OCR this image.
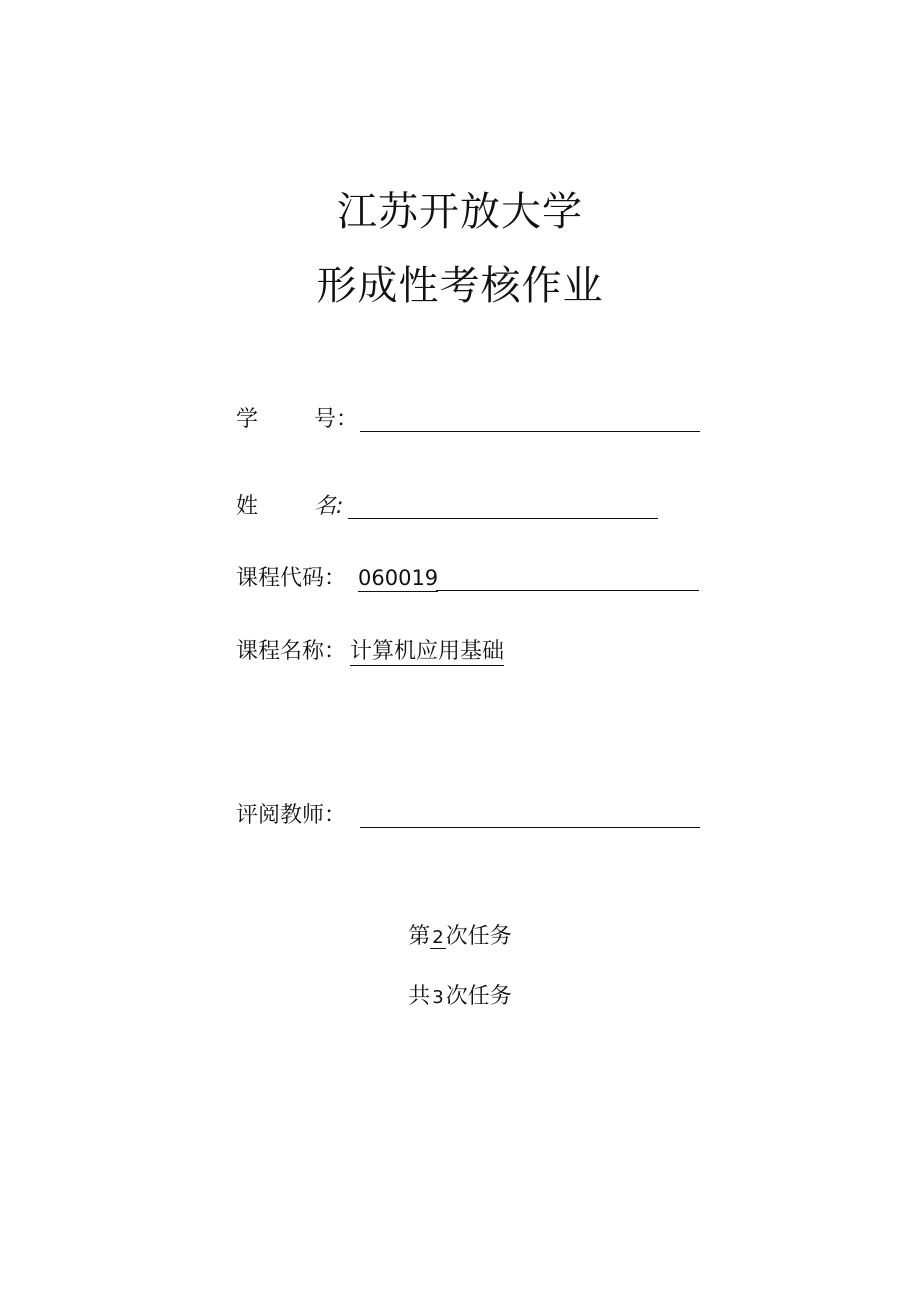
江苏开放大学
形成性考核作业
学	号 ：
姓	名:
课程代码 ： 060019
课程名称 ： 计算机应用基础
评阅教师 ：
第 2次任务
共 3次任务
